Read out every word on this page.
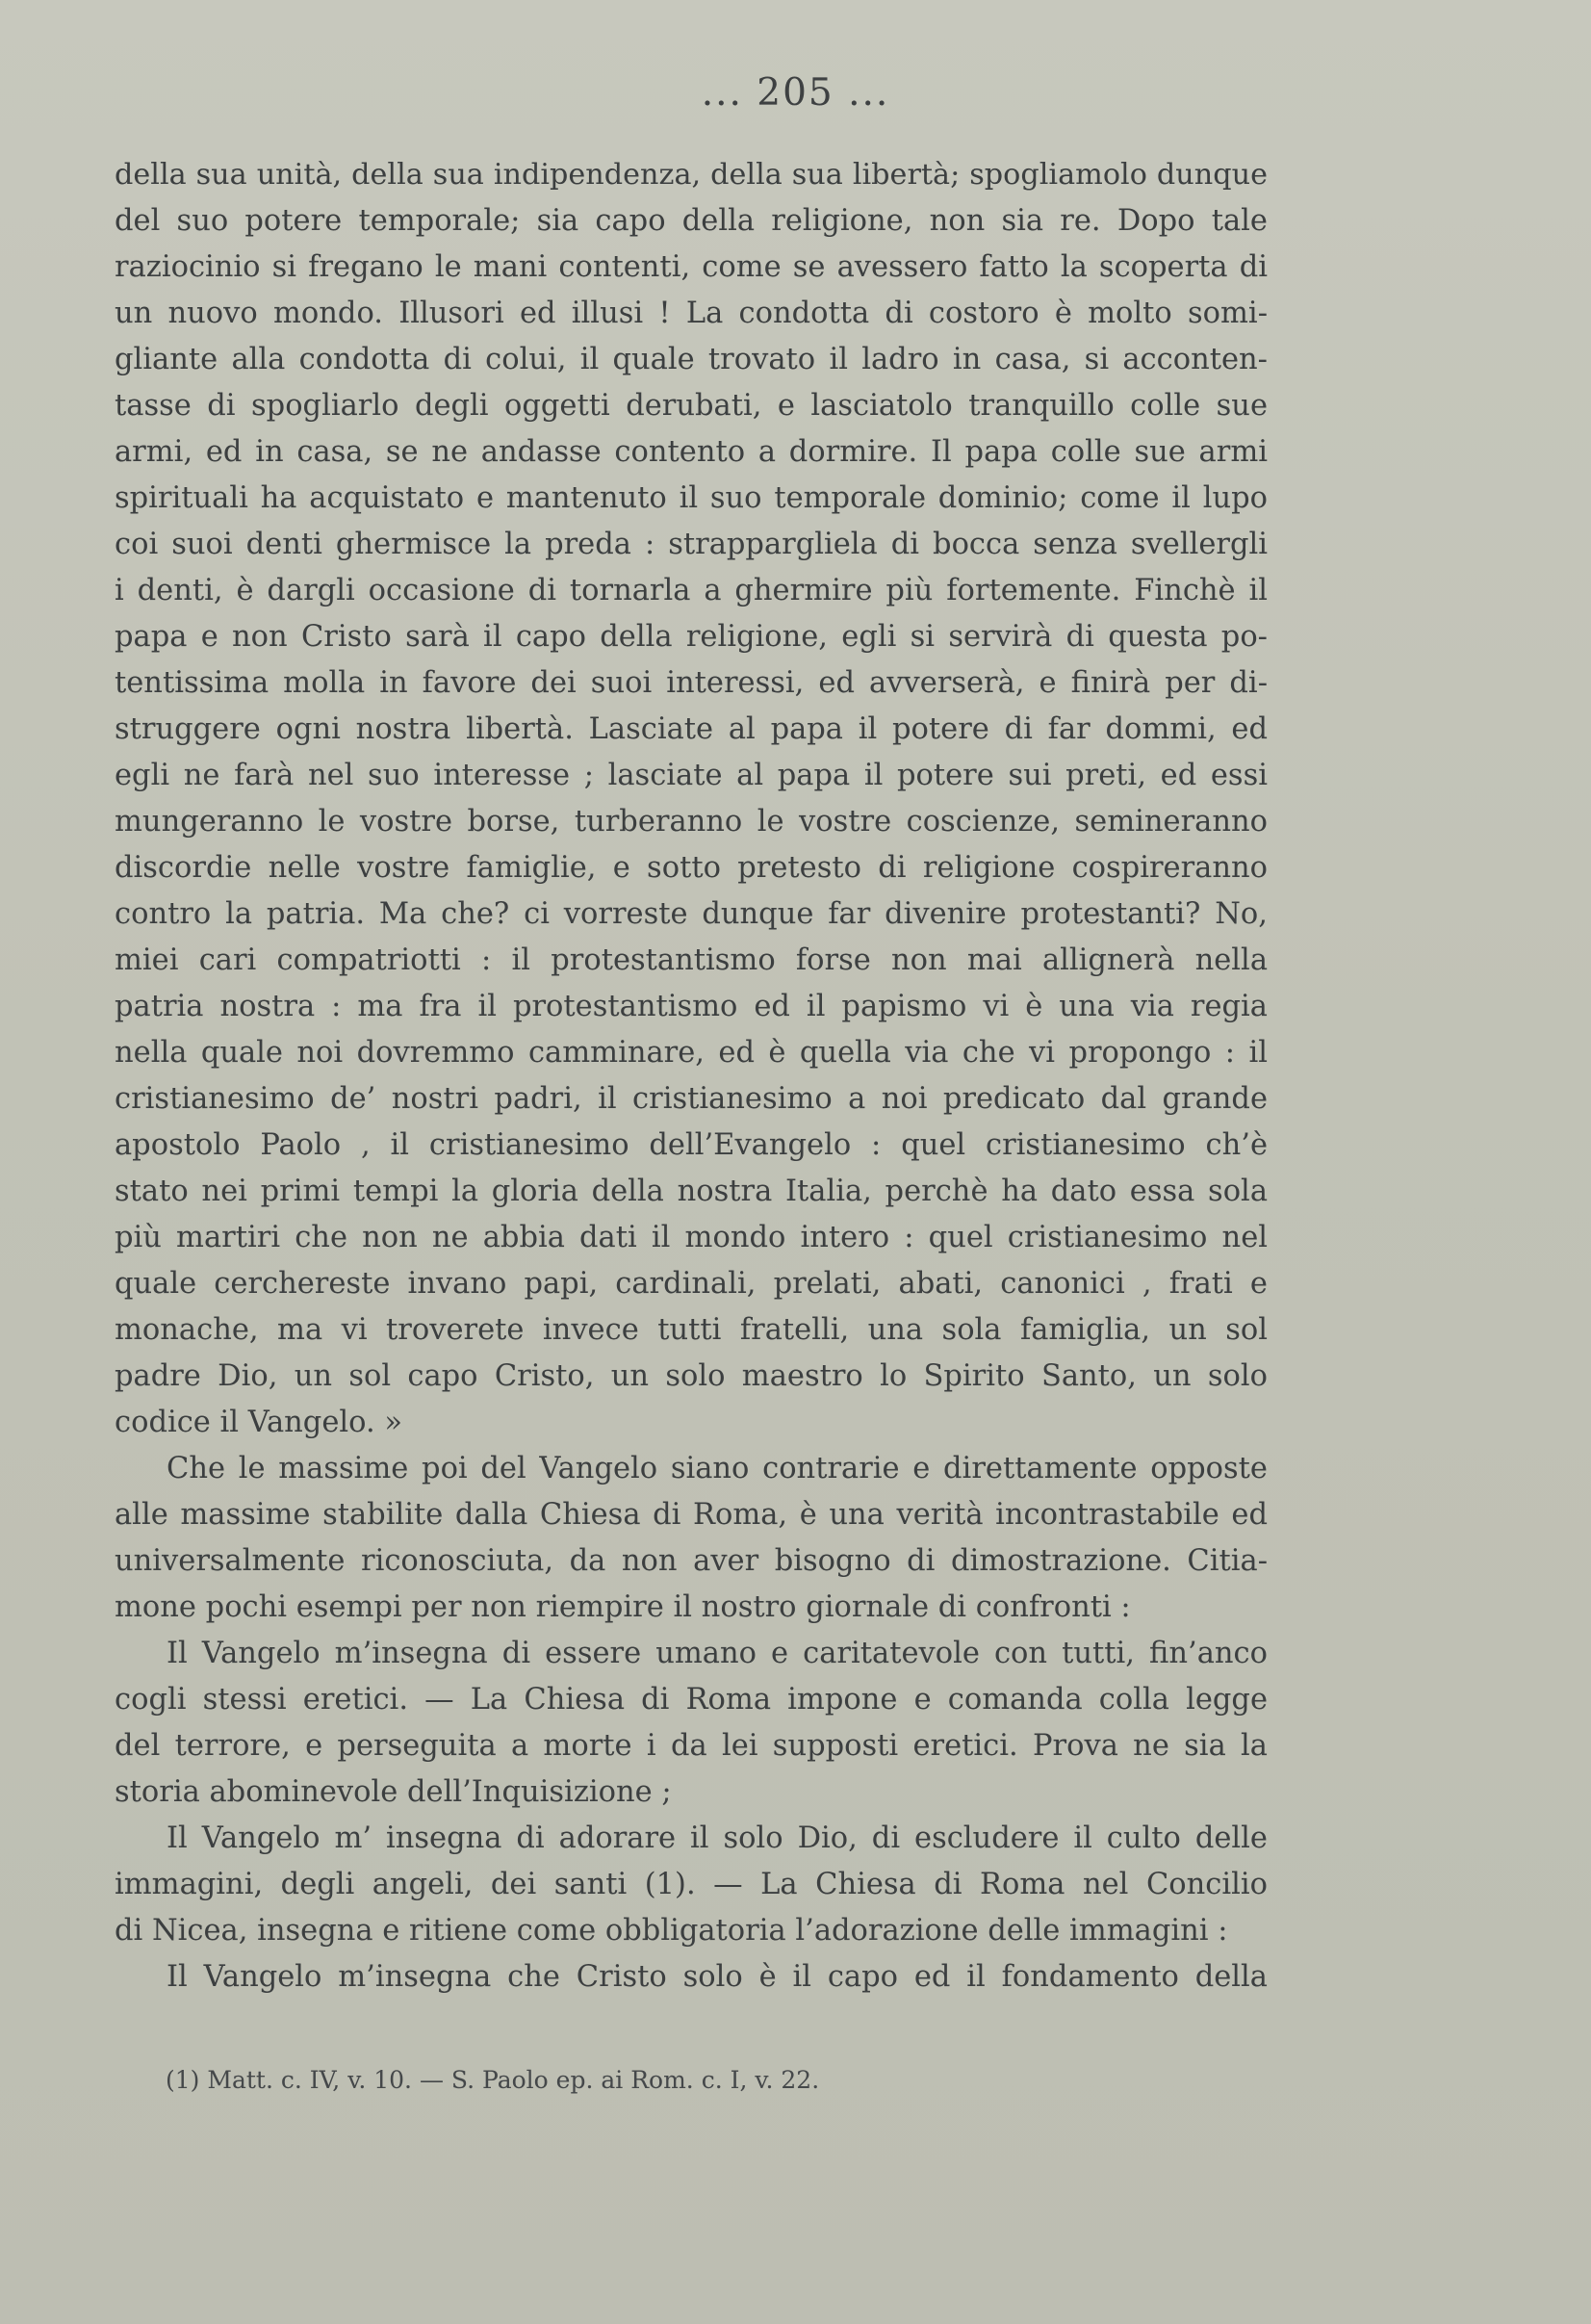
... 205 ...
della sua unità, della sua indipendenza, della sua libertà; spogliamolo dunque
del suo potere temporale; sia capo della religione, non sia re. Dopo tale
raziocinio si fregano le mani contenti, come se avessero fatto la scoperta di
un nuovo mondo. Illusori ed illusi ! La condotta di costoro è molto somi-
gliante alla condotta di colui, il quale trovato il ladro in casa, si acconten-
tasse di spogliarlo degli oggetti derubati, e lasciatolo tranquillo colle sue
armi, ed in casa, se ne andasse contento a dormire. Il papa colle sue armi
spirituali ha acquistato e mantenuto il suo temporale dominio; come il lupo
coi suoi denti ghermisce la preda : strappargliela di bocca senza svellergli
i denti, è dargli occasione di tornarla a ghermire più fortemente. Finchè il
papa e non Cristo sarà il capo della religione, egli si servirà di questa po-
tentissima molla in favore dei suoi interessi, ed avverserà, e finirà per di-
struggere ogni nostra libertà. Lasciate al papa il potere di far dommi, ed
egli ne farà nel suo interesse ; lasciate al papa il potere sui preti, ed essi
mungeranno le vostre borse, turberanno le vostre coscienze, semineranno
discordie nelle vostre famiglie, e sotto pretesto di religione cospireranno
contro la patria. Ma che? ci vorreste dunque far divenire protestanti? No,
miei cari compatriotti : il protestantismo forse non mai allignerà nella
patria nostra : ma fra il protestantismo ed il papismo vi è una via regia
nella quale noi dovremmo camminare, ed è quella via che vi propongo : il
cristianesimo de’ nostri padri, il cristianesimo a noi predicato dal grande
apostolo Paolo , il cristianesimo dell’Evangelo : quel cristianesimo ch’è
stato nei primi tempi la gloria della nostra Italia, perchè ha dato essa sola
più martiri che non ne abbia dati il mondo intero : quel cristianesimo nel
quale cerchereste invano papi, cardinali, prelati, abati, canonici , frati e
monache, ma vi troverete invece tutti fratelli, una sola famiglia, un sol
padre Dio, un sol capo Cristo, un solo maestro lo Spirito Santo, un solo
codice il Vangelo. »
Che le massime poi del Vangelo siano contrarie e direttamente opposte
alle massime stabilite dalla Chiesa di Roma, è una verità incontrastabile ed
universalmente riconosciuta, da non aver bisogno di dimostrazione. Citia-
mone pochi esempi per non riempire il nostro giornale di confronti :
Il Vangelo m’insegna di essere umano e caritatevole con tutti, fin’anco
cogli stessi eretici. — La Chiesa di Roma impone e comanda colla legge
del terrore, e perseguita a morte i da lei supposti eretici. Prova ne sia la
storia abominevole dell’Inquisizione ;
Il Vangelo m’ insegna di adorare il solo Dio, di escludere il culto delle
immagini, degli angeli, dei santi (1). — La Chiesa di Roma nel Concilio
di Nicea, insegna e ritiene come obbligatoria l’adorazione delle immagini :
Il Vangelo m’insegna che Cristo solo è il capo ed il fondamento della
(1) Matt. c. IV, v. 10. — S. Paolo ep. ai Rom. c. I, v. 22.
